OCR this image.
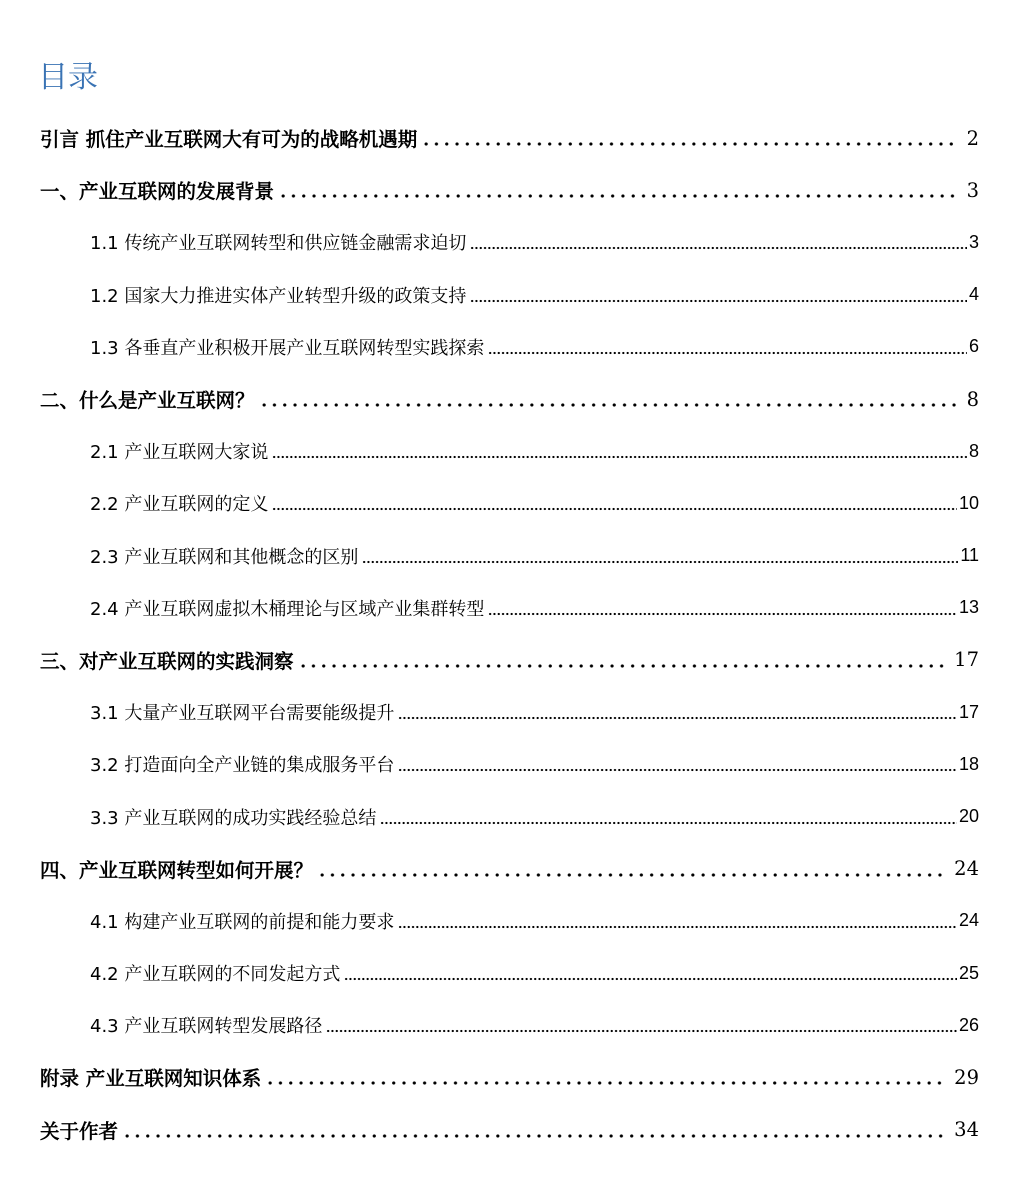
目录
引言 抓住产业互联网大有可为的战略机遇期	2
一、产业互联网的发展背景	3
1.1 传统产业互联网转型和供应链金融需求迫切	3
1.2 国家大力推进实体产业转型升级的政策支持	4
1.3 各垂直产业积极开展产业互联网转型实践探索	6
二、什么是产业互联网？	8
2.1 产业互联网大家说	8
2.2 产业互联网的定义	10
2.3 产业互联网和其他概念的区别	11
2.4 产业互联网虚拟木桶理论与区域产业集群转型	13
三、对产业互联网的实践洞察	17
3.1 大量产业互联网平台需要能级提升	17
3.2 打造面向全产业链的集成服务平台	18
3.3 产业互联网的成功实践经验总结	20
四、产业互联网转型如何开展？	24
4.1 构建产业互联网的前提和能力要求	24
4.2 产业互联网的不同发起方式	25
4.3 产业互联网转型发展路径	26
附录 产业互联网知识体系	29
关于作者	34
